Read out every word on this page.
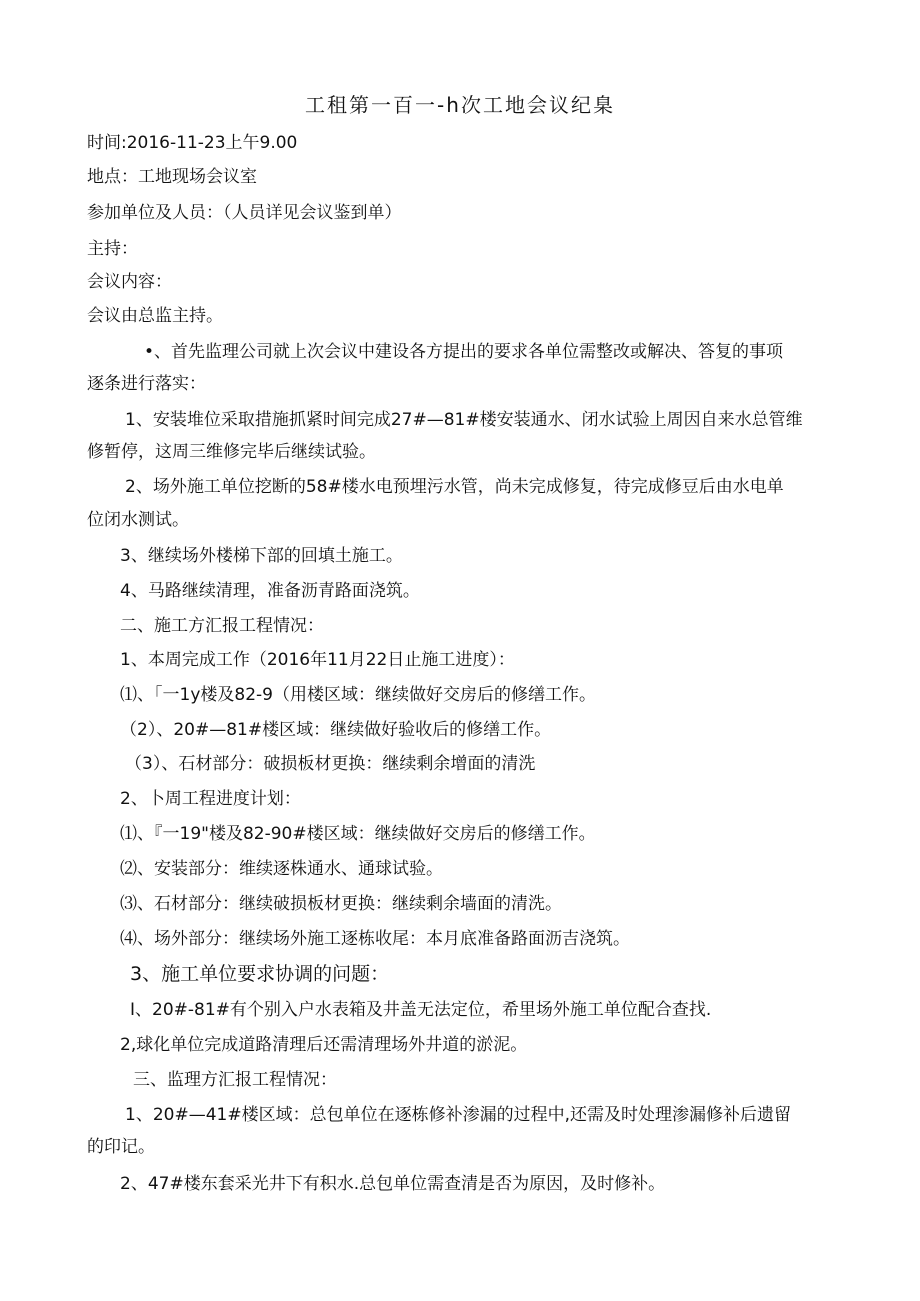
工租第一百一-h次工地会议纪臬
时间:2016-11-23上午9.00
地点：工地现场会议室
参加单位及人员：（人员详见会议鉴到单）
主持：
会议内容：
会议由总监主持。
•、首先监理公司就上次会议中建设各方提出的要求各单位需整改或解决、答复的事项
逐条进行落实：
1、安装堆位采取措施抓紧时间完成27#—81#楼安装通水、闭水试验上周因自来水总管维
修暂停，这周三维修完毕后继续试验。
2、场外施工单位挖断的58#楼水电预埋污水管，尚未完成修复，待完成修豆后由水电单
位闭水测试。
3、继续场外楼梯下部的回填土施工。
4、马路继续清理，准备沥青路面浇筑。
二、施工方汇报工程情况：
1、本周完成工作（2016年11月22日止施工进度）：
⑴、「一1y楼及82-9（用楼区域：继续做好交房后的修缮工作。
（2）、20#—81#楼区域：继续做好验收后的修缮工作。
（3）、石材部分：破损板材更换：继续剩余增面的清洗
2、卜周工程进度计划：
⑴、『一19"楼及82-90#楼区域：继续做好交房后的修缮工作。
⑵、安装部分：维续逐株通水、通球试验。
⑶、石材部分：继续破损板材更换：继续剩余墙面的清洗。
⑷、场外部分：继续场外施工逐栋收尾：本月底准备路面沥吉浇筑。
3、施工单位要求协调的问题：
I、20#-81#有个别入户水表箱及井盖无法定位，希里场外施工单位配合查找.
2,球化单位完成道路清理后还需清理场外井道的淤泥。
三、监理方汇报工程情况：
1、20#—41#楼区域：总包单位在逐栋修补渗漏的过程中,还需及时处理渗漏修补后遗留
的印记。
2、47#楼东套采光井下有积水.总包单位需查清是否为原因，及时修补。
